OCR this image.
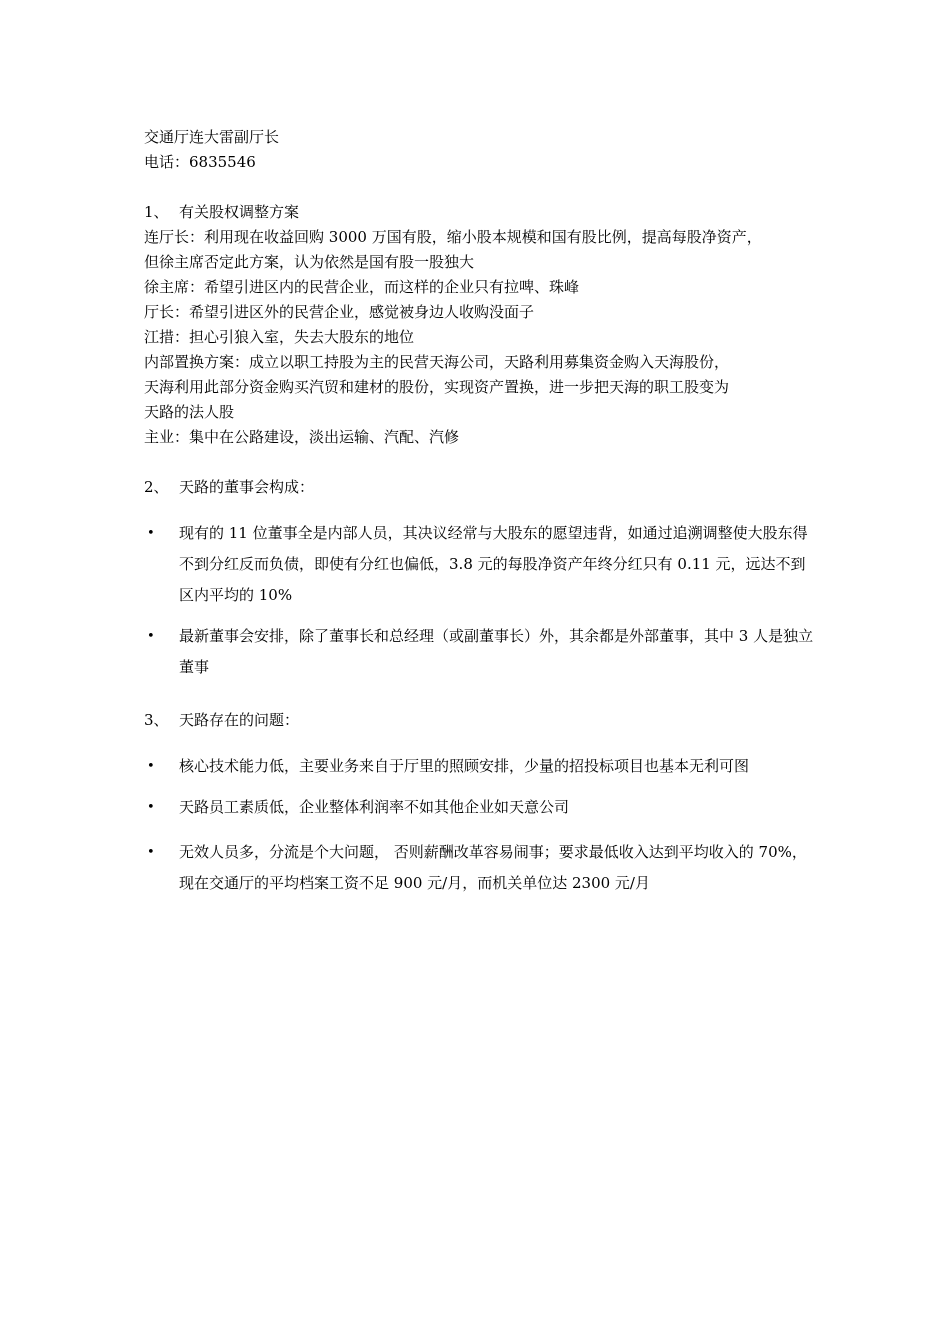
交通厅连大雷副厅长
电话：6835546
1、 有关股权调整方案
连厅长：利用现在收益回购 3000 万国有股，缩小股本规模和国有股比例，提高每股净资产，
但徐主席否定此方案，认为依然是国有股一股独大
徐主席：希望引进区内的民营企业，而这样的企业只有拉啤、珠峰
厅长：希望引进区外的民营企业，感觉被身边人收购没面子
江措：担心引狼入室，失去大股东的地位
内部置换方案：成立以职工持股为主的民营天海公司，天路利用募集资金购入天海股份，
天海利用此部分资金购买汽贸和建材的股份，实现资产置换，进一步把天海的职工股变为
天路的法人股
主业：集中在公路建设，淡出运输、汽配、汽修
2、 天路的董事会构成：
• 现有的 11 位董事全是内部人员，其决议经常与大股东的愿望违背，如通过追溯调整使大股东得不到分红反而负债，即使有分红也偏低，3.8 元的每股净资产年终分红只有 0.11 元，远达不到区内平均的 10%
• 最新董事会安排，除了董事长和总经理（或副董事长）外，其余都是外部董事，其中 3 人是独立董事
3、 天路存在的问题：
• 核心技术能力低，主要业务来自于厅里的照顾安排，少量的招投标项目也基本无利可图
• 天路员工素质低，企业整体利润率不如其他企业如天意公司
• 无效人员多，分流是个大问题， 否则薪酬改革容易闹事；要求最低收入达到平均收入的 70%，现在交通厅的平均档案工资不足 900 元/月，而机关单位达 2300 元/月
